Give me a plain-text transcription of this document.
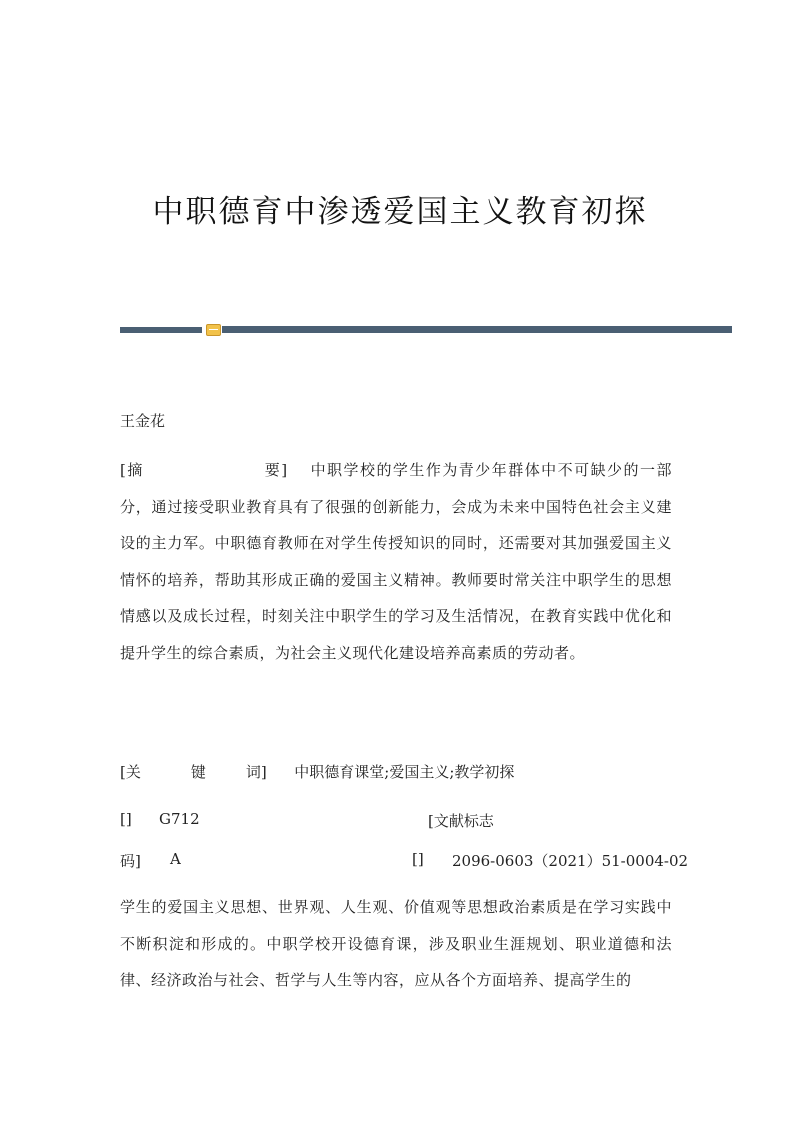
中职德育中渗透爱国主义教育初探
王金花
[摘	要] 中职学校的学生作为青少年群体中不可缺少的一部分，通过接受职业教育具有了很强的创新能力，会成为未来中国特色社会主义建设的主力军。中职德育教师在对学生传授知识的同时，还需要对其加强爱国主义情怀的培养，帮助其形成正确的爱国主义精神。教师要时常关注中职学生的思想情感以及成长过程，时刻关注中职学生的学习及生活情况，在教育实践中优化和提升学生的综合素质，为社会主义现代化建设培养高素质的劳动者。
[关	键	词] 中职德育课堂;爱国主义;教学初探
[] G712	[文献标志
码] A	[] 2096-0603（2021）51-0004-02
学生的爱国主义思想、世界观、人生观、价值观等思想政治素质是在学习实践中不断积淀和形成的。中职学校开设德育课，涉及职业生涯规划、职业道德和法律、经济政治与社会、哲学与人生等内容，应从各个方面培养、提高学生的
